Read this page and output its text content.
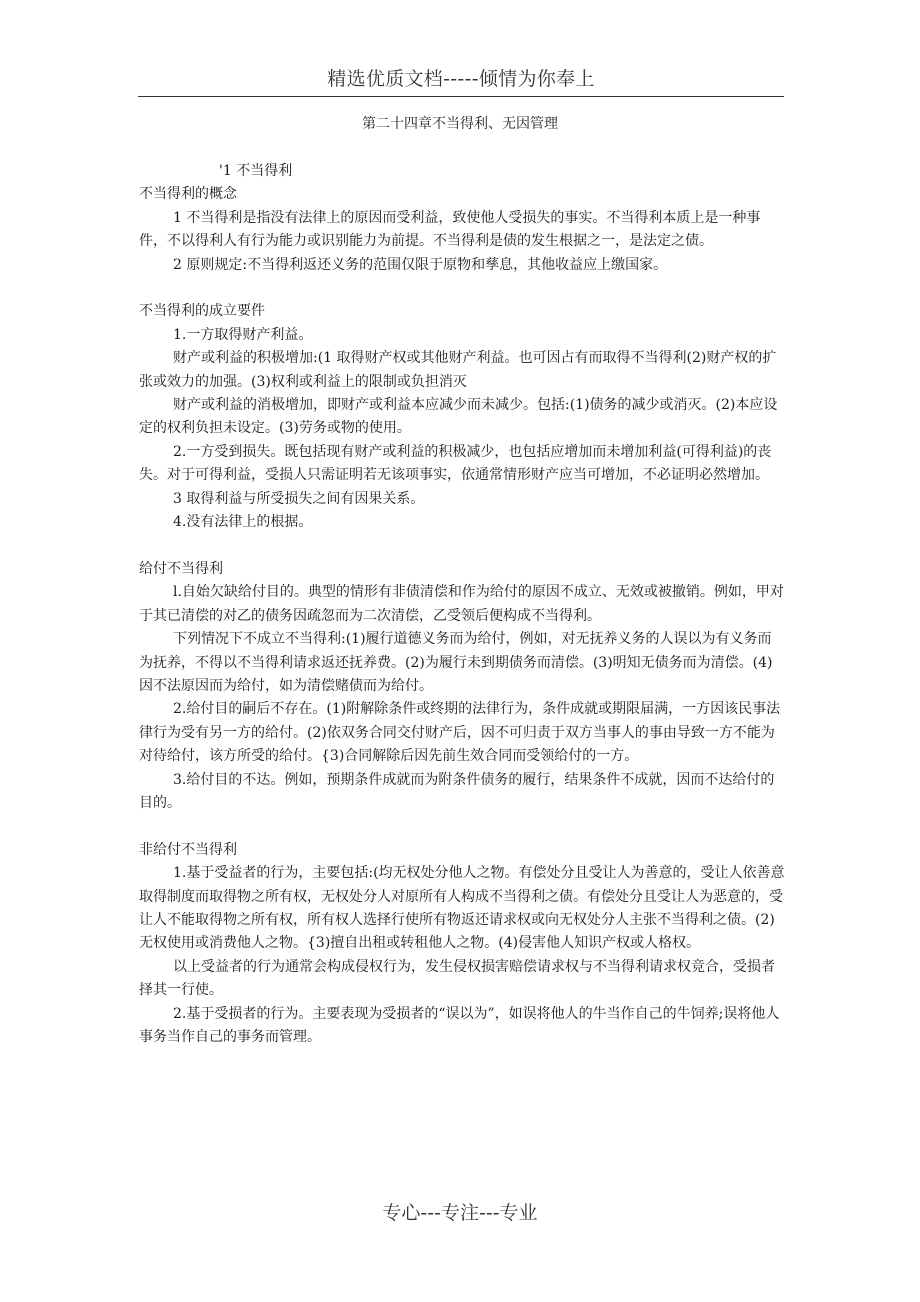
精选优质文档-----倾情为你奉上
第二十四章不当得利、无因管理

'1 不当得利

不当得利的概念

1 不当得利是指没有法律上的原因而受利益，致使他人受损失的事实。不当得利本质上是一种事件，不以得利人有行为能力或识别能力为前提。不当得利是债的发生根据之一，是法定之债。

2 原则规定:不当得利返还义务的范围仅限于原物和孳息，其他收益应上缴国家。

不当得利的成立要件

1.一方取得财产利益。

财产或利益的积极增加:(1 取得财产权或其他财产利益。也可因占有而取得不当得利(2)财产权的扩张或效力的加强。(3)权利或利益上的限制或负担消灭

财产或利益的消极增加，即财产或利益本应减少而未减少。包括:(1)债务的减少或消灭。(2)本应设定的权利负担未设定。(3)劳务或物的使用。

2.一方受到损失。既包括现有财产或利益的积极减少，也包括应增加而未增加利益(可得利益)的丧失。对于可得利益，受损人只需证明若无该项事实，依通常情形财产应当可增加，不必证明必然增加。

3 取得利益与所受损失之间有因果关系。

4.没有法律上的根据。

给付不当得利

l.自始欠缺给付目的。典型的情形有非债清偿和作为给付的原因不成立、无效或被撤销。例如，甲对于其已清偿的对乙的债务因疏忽而为二次清偿，乙受领后便构成不当得利。

下列情况下不成立不当得利:(1)履行道德义务而为给付，例如，对无抚养义务的人误以为有义务而为抚养，不得以不当得利请求返还抚养费。(2)为履行未到期债务而清偿。(3)明知无债务而为清偿。(4)因不法原因而为给付，如为清偿赌债而为给付。

2.给付目的嗣后不存在。(1)附解除条件或终期的法律行为，条件成就或期限届满，一方因该民事法律行为受有另一方的给付。(2)依双务合同交付财产后，因不可归责于双方当事人的事由导致一方不能为对待给付，该方所受的给付。{3)合同解除后因先前生效合同而受领给付的一方。

3.给付目的不达。例如，预期条件成就而为附条件债务的履行，结果条件不成就，因而不达给付的目的。

非给付不当得利

1.基于受益者的行为，主要包括:(均无权处分他人之物。有偿处分且受让人为善意的，受让人依善意取得制度而取得物之所有权，无权处分人对原所有人构成不当得利之债。有偿处分且受让人为恶意的，受让人不能取得物之所有权，所有权人选择行使所有物返还请求权或向无权处分人主张不当得利之债。(2)无权使用或消费他人之物。{3)擅自出租或转租他人之物。(4)侵害他人知识产权或人格权。

以上受益者的行为通常会构成侵权行为，发生侵权损害赔偿请求权与不当得利请求权竞合，受损者择其一行使。

2.基于受损者的行为。主要表现为受损者的“误以为”，如误将他人的牛当作自己的牛饲养;误将他人事务当作自己的事务而管理。

专心---专注---专业
